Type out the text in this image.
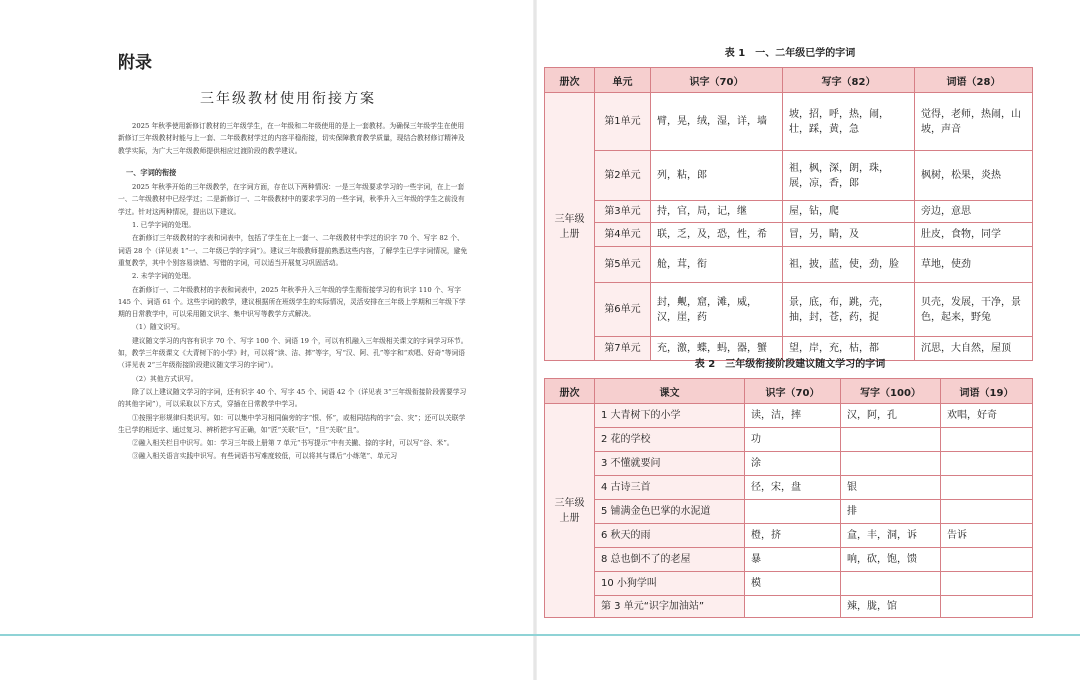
附录
三年级教材使用衔接方案

2025 年秋季使用新修订教材的三年级学生，在一年级和二年级使用的是上一套教材。为确保三年级学生在使用新修订三年级教材时能与上一套、二年级教材学过的内容平稳衔接，切实保障教育教学质量，现结合教材修订精神及教学实际，为广大三年级教师提供相应过渡阶段的教学建议。

一、字词的衔接

2025 年秋季开始的三年级教学，在字词方面，存在以下两种情况：一是三年级要求学习的一些字词，在上一套一、二年级教材中已经学过；二是新修订一、二年级教材中的要求学习的一些字词，秋季升入三年级的学生之前没有学过。针对这两种情况，提出以下建议。

1. 已学字词的处理。

在新修订三年级教材的字表和词表中，包括了学生在上一套一、二年级教材中学过的识字 70 个、写字 82 个、词语 28 个（详见表 1“一、二年级已学的字词”）。建议三年级教师提前熟悉这些内容，了解学生已学字词情况，避免重复教学，其中个别容易读错、写错的字词，可以适当开展复习巩固活动。

2. 未学字词的处理。

在新修订一、二年级教材的字表和词表中，2025 年秋季升入三年级的学生需衔接学习的有识字 110 个、写字 145 个、词语 61 个。这些字词的教学，建议根据所在班级学生的实际情况，灵活安排在三年级上学期和三年级下学期的日常教学中，可以采用随文识字、集中识写等教学方式解决。

（1）随文识写。

建议随文学习的内容有识字 70 个、写字 100 个、词语 19 个，可以有机融入三年级相关课文的字词学习环节。如，教学三年级课文《大青树下的小学》时，可以将“读、洁、摔”等字，写“汉、阿、孔”等字和“欢唱、好奇”等词语（详见表 2“三年级衔接阶段建议随文学习的字词”）。

（2）其他方式识写。

除了以上建议随文学习的字词，还有识字 40 个、写字 45 个、词语 42 个（详见表 3“三年级衔接阶段需要学习的其他字词”），可以采取以下方式，穿插在日常教学中学习。

①按照字形规律归类识写。如：可以集中学习相同偏旁的字“恨、怀”，或相同结构的字“会、灾”；还可以关联学生已学的相近字、通过复习、辨析把字写正确，如“匠”关联“巨”，“旦”关联“且”。

②融入相关栏目中识写。如：学习三年级上册第 7 单元“书写提示”中有关撇、捺的字时，可以写“谷、米”。

③融入相关语言实践中识写。有些词语书写难度较低，可以将其与课后“小练笔”、单元习

表 1　一、二年级已学的字词
册次	单元	识字（70）	写字（82）	词语（28）
三年级
上册	第1单元	臂，晃，绒，湿，详，墙	坡，招，呼，热，闹，壮，踩，黄，急	觉得，老师，热闹，山坡，声音
	第2单元	列，粘，郎	祖，枫，深，朗，珠，展，凉，香，郎	枫树，松果，炎热
	第3单元	持，官，局，记，继	屋，钻，爬	旁边，意思
	第4单元	联，乏，及，恐，性，希	冒，另，睛，及	肚皮，食物，同学
	第5单元	舱，茸，衔	祖，披，蓝，使，劲，脸	草地，使劲
	第6单元	封，觍，窟，滩，威，汉，崖，药	景，底，布，跳，壳，抽，封，苍，药，捉	贝壳，发展，干净，景色，起来，野兔
	第7单元	充，激，蝶，蚂，器，蟹	望，岸，充，枯，都	沉思，大自然，屋顶
表 2　三年级衔接阶段建议随文学习的字词
册次	课文	识字（70）	写字（100）	词语（19）
三年级
上册	1 大青树下的小学	读，洁，摔	汉，阿，孔	欢唱，好奇
	2 花的学校	功		
	3 不懂就要问	涂		
	4 古诗三首	径，宋，盘	银	
	5 铺满金色巴掌的水泥道		排	
	6 秋天的雨	橙，挤	盒，丰，洞，诉	告诉
	8 总也倒不了的老屋	暴	响，砍，饱，馈	
	10 小狗学叫	模		
	第 3 单元“识字加油站”		辣，胧，馆	
